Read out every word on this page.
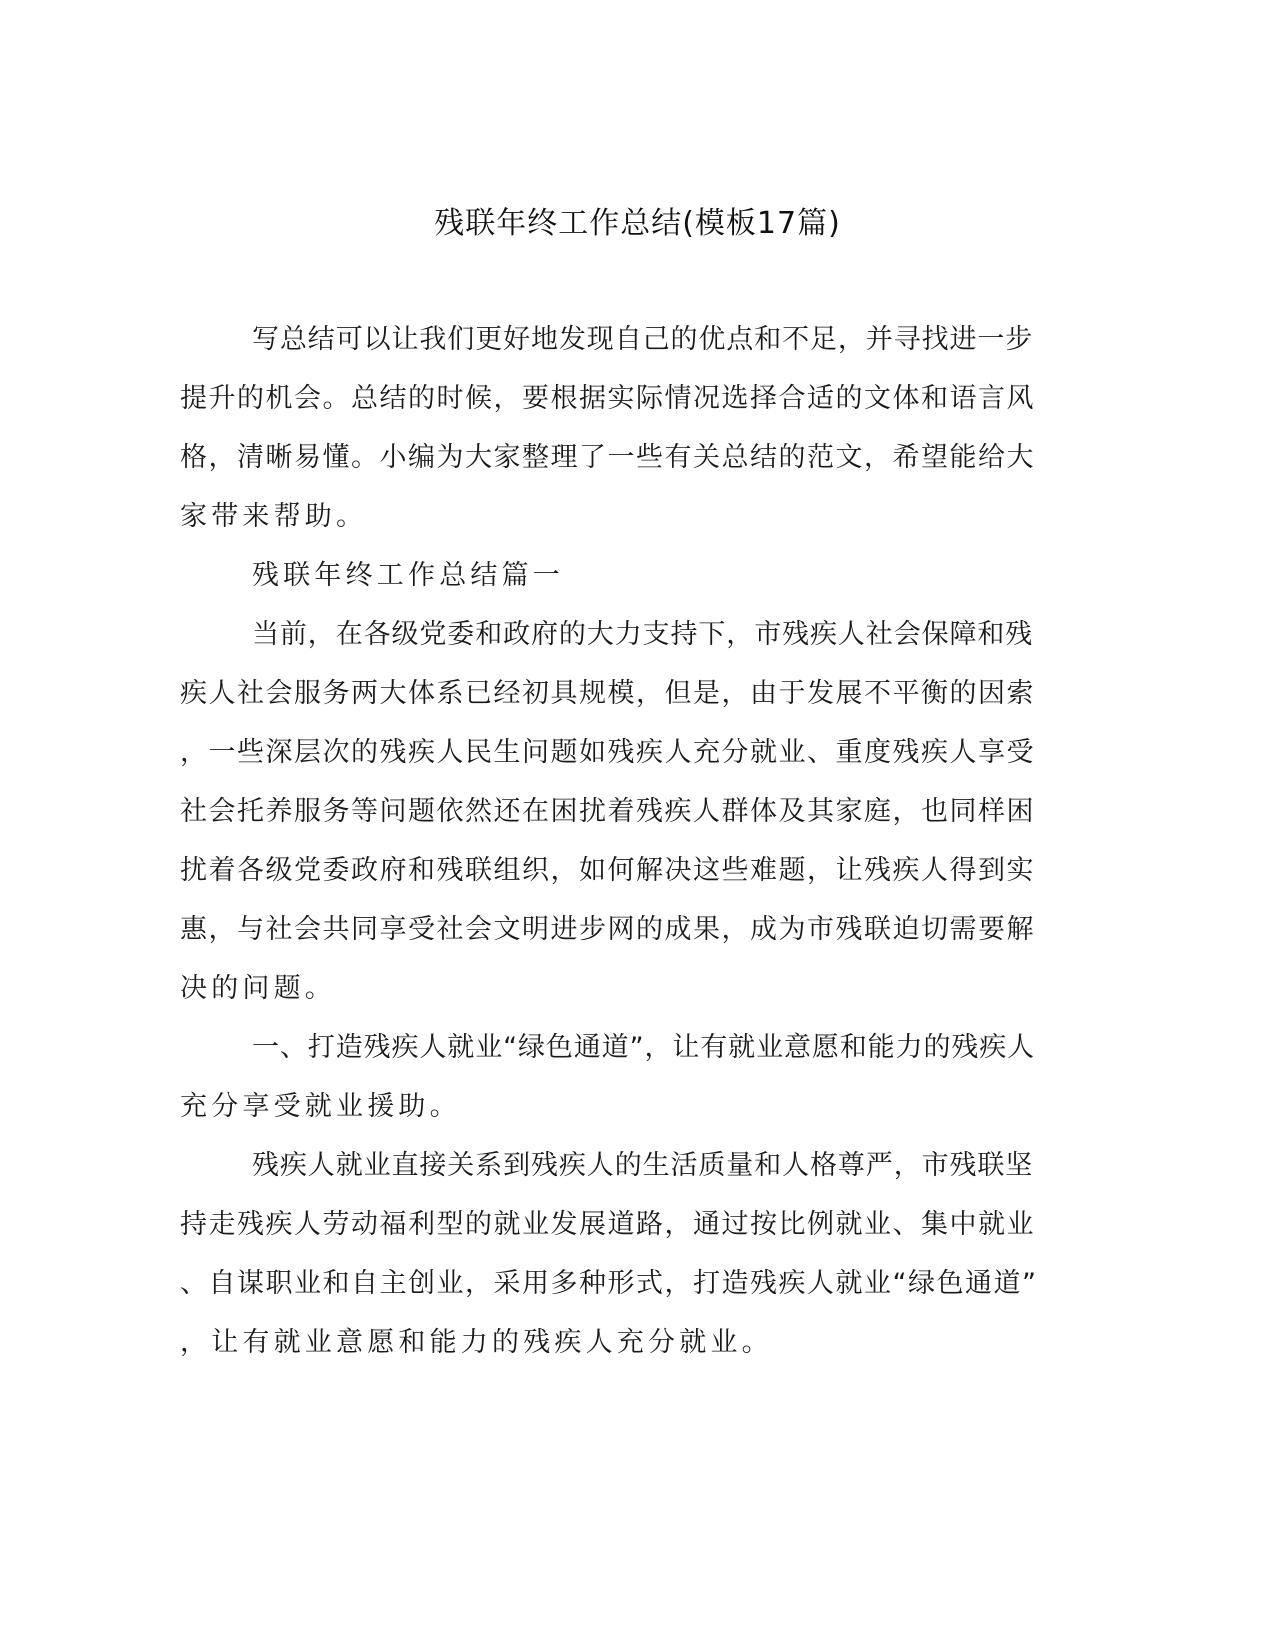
残联年终工作总结(模板17篇)
写总结可以让我们更好地发现自己的优点和不足，并寻找进一步
提升的机会。总结的时候，要根据实际情况选择合适的文体和语言风
格，清晰易懂。小编为大家整理了一些有关总结的范文，希望能给大
家带来帮助。
残联年终工作总结篇一
当前，在各级党委和政府的大力支持下，市残疾人社会保障和残
疾人社会服务两大体系已经初具规模，但是，由于发展不平衡的因索
，一些深层次的残疾人民生问题如残疾人充分就业、重度残疾人享受
社会托养服务等问题依然还在困扰着残疾人群体及其家庭，也同样困
扰着各级党委政府和残联组织，如何解决这些难题，让残疾人得到实
惠，与社会共同享受社会文明进步网的成果，成为市残联迫切需要解
决的问题。
一、打造残疾人就业“绿色通道”，让有就业意愿和能力的残疾人
充分享受就业援助。
残疾人就业直接关系到残疾人的生活质量和人格尊严，市残联坚
持走残疾人劳动福利型的就业发展道路，通过按比例就业、集中就业
、自谋职业和自主创业，采用多种形式，打造残疾人就业“绿色通道”
，让有就业意愿和能力的残疾人充分就业。
